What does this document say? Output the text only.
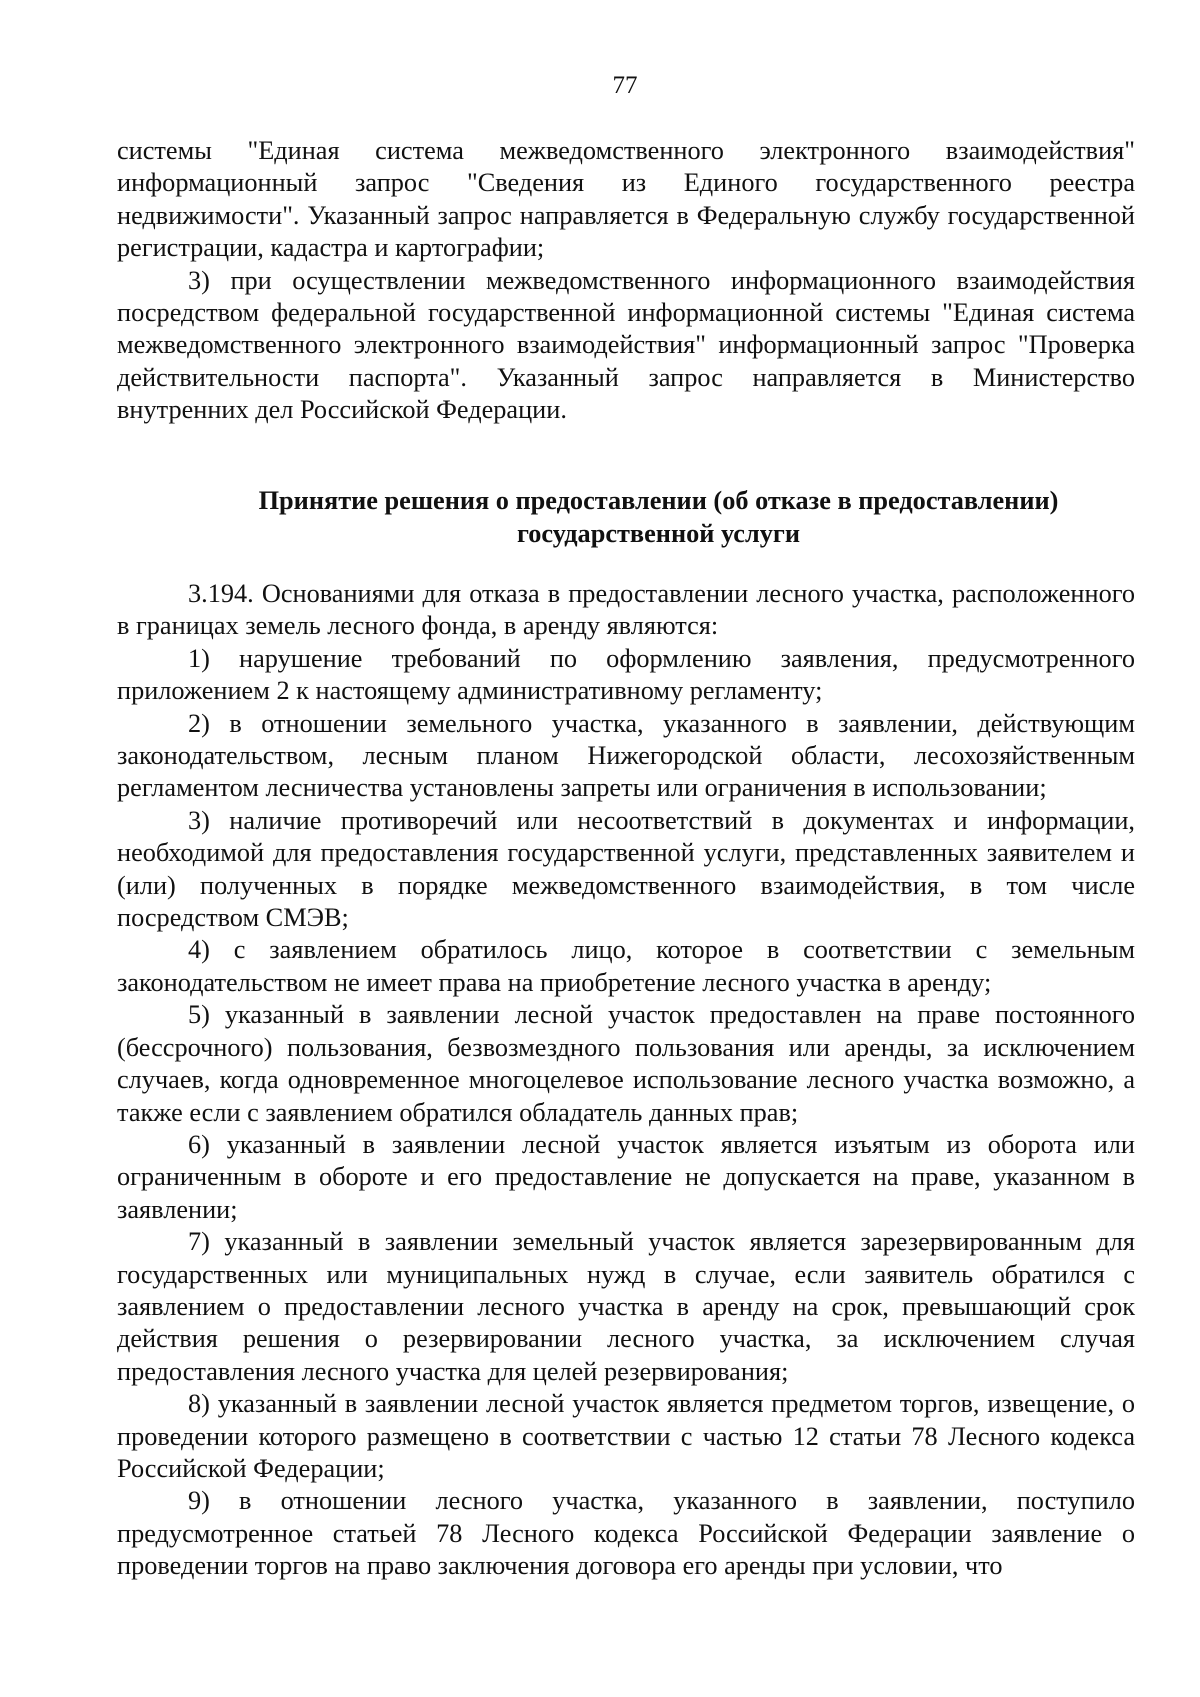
77

системы "Единая система межведомственного электронного взаимодействия" информационный запрос "Сведения из Единого государственного реестра недвижимости". Указанный запрос направляется в Федеральную службу государственной регистрации, кадастра и картографии;

3) при осуществлении межведомственного информационного взаимодействия посредством федеральной государственной информационной системы "Единая система межведомственного электронного взаимодействия" информационный запрос "Проверка действительности паспорта". Указанный запрос направляется в Министерство внутренних дел Российской Федерации.

Принятие решения о предоставлении (об отказе в предоставлении)
государственной услуги

3.194. Основаниями для отказа в предоставлении лесного участка, расположенного в границах земель лесного фонда, в аренду являются:

1) нарушение требований по оформлению заявления, предусмотренного приложением 2 к настоящему административному регламенту;

2) в отношении земельного участка, указанного в заявлении, действующим законодательством, лесным планом Нижегородской области, лесохозяйственным регламентом лесничества установлены запреты или ограничения в использовании;

3) наличие противоречий или несоответствий в документах и информации, необходимой для предоставления государственной услуги, представленных заявителем и (или) полученных в порядке межведомственного взаимодействия, в том числе посредством СМЭВ;

4) с заявлением обратилось лицо, которое в соответствии с земельным законодательством не имеет права на приобретение лесного участка в аренду;

5) указанный в заявлении лесной участок предоставлен на праве постоянного (бессрочного) пользования, безвозмездного пользования или аренды, за исключением случаев, когда одновременное многоцелевое использование лесного участка возможно, а также если с заявлением обратился обладатель данных прав;

6) указанный в заявлении лесной участок является изъятым из оборота или ограниченным в обороте и его предоставление не допускается на праве, указанном в заявлении;

7) указанный в заявлении земельный участок является зарезервированным для государственных или муниципальных нужд в случае, если заявитель обратился с заявлением о предоставлении лесного участка в аренду на срок, превышающий срок действия решения о резервировании лесного участка, за исключением случая предоставления лесного участка для целей резервирования;

8) указанный в заявлении лесной участок является предметом торгов, извещение, о проведении которого размещено в соответствии с частью 12 статьи 78 Лесного кодекса Российской Федерации;

9) в отношении лесного участка, указанного в заявлении, поступило предусмотренное статьей 78 Лесного кодекса Российской Федерации заявление о проведении торгов на право заключения договора его аренды при условии, что
